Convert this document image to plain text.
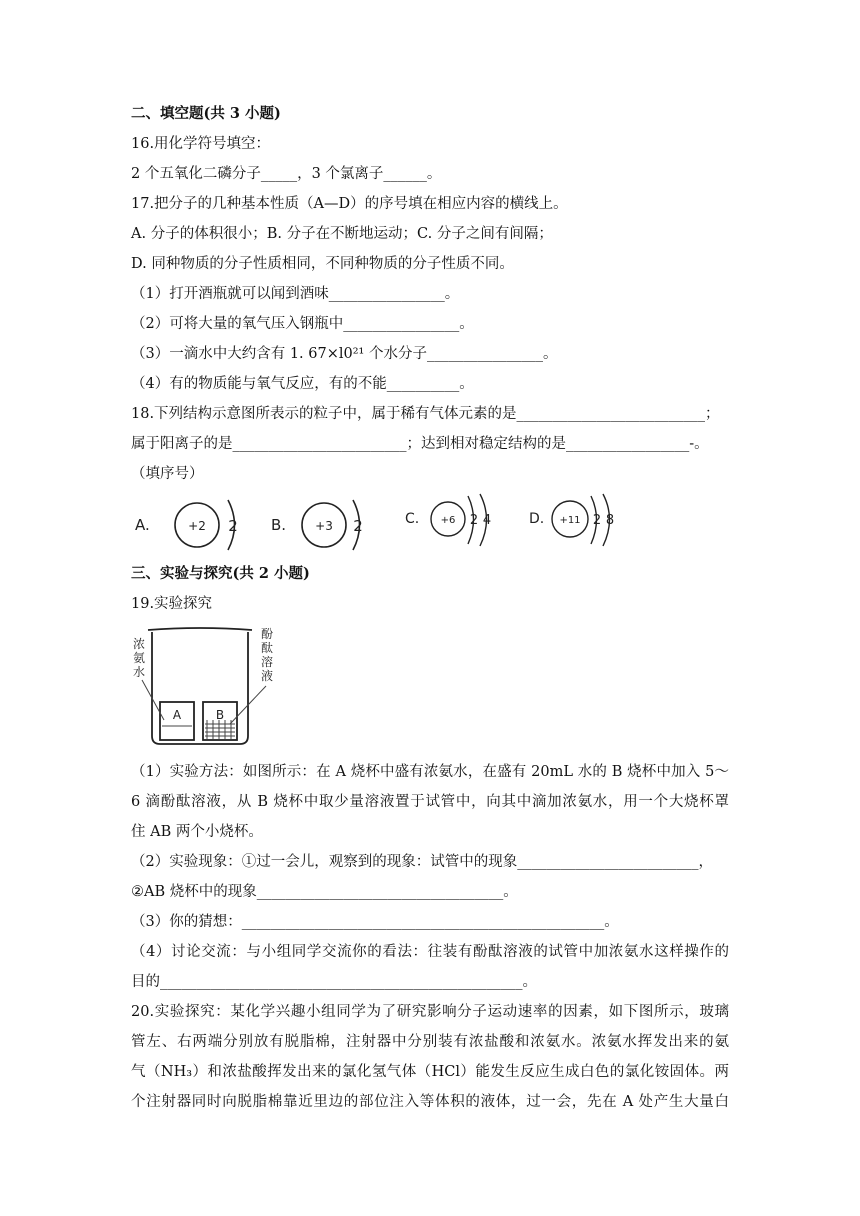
二、填空题(共 3 小题)
16.用化学符号填空：
2 个五氧化二磷分子_____，3 个氯离子______。
17.把分子的几种基本性质（A—D）的序号填在相应内容的横线上。
A. 分子的体积很小；B. 分子在不断地运动；C. 分子之间有间隔；
D. 同种物质的分子性质相同，不同种物质的分子性质不同。
（1）打开酒瓶就可以闻到酒味________________。
（2）可将大量的氧气压入钢瓶中________________。
（3）一滴水中大约含有 1. 67×l0²¹ 个水分子________________。
（4）有的物质能与氧气反应，有的不能__________。
18.下列结构示意图所表示的粒子中，属于稀有气体元素的是__________________________；
属于阳离子的是________________________；达到相对稳定结构的是_________________-。
（填序号）
A.	+2 2 B. +3 2	C. +6 2 4	D. +11 2 8
三、实验与探究(共 2 小题)
19.实验探究
A	B
浓
氨
水
酚
酞
溶
液
（1）实验方法：如图所示：在 A 烧杯中盛有浓氨水，在盛有 20mL 水的 B 烧杯中加入 5～
6 滴酚酞溶液，从 B 烧杯中取少量溶液置于试管中，向其中滴加浓氨水，用一个大烧杯罩
住 AB 两个小烧杯。
（2）实验现象：①过一会儿，观察到的现象：试管中的现象_________________________，
②AB 烧杯中的现象__________________________________。
（3）你的猜想：__________________________________________________。
（4）讨论交流：与小组同学交流你的看法：往装有酚酞溶液的试管中加浓氨水这样操作的
目的__________________________________________________。
20.实验探究：某化学兴趣小组同学为了研究影响分子运动速率的因素，如下图所示，玻璃
管左、右两端分别放有脱脂棉，注射器中分别装有浓盐酸和浓氨水。浓氨水挥发出来的氨
气（NH₃）和浓盐酸挥发出来的氯化氢气体（HCl）能发生反应生成白色的氯化铵固体。两
个注射器同时向脱脂棉靠近里边的部位注入等体积的液体，过一会，先在 A 处产生大量白
